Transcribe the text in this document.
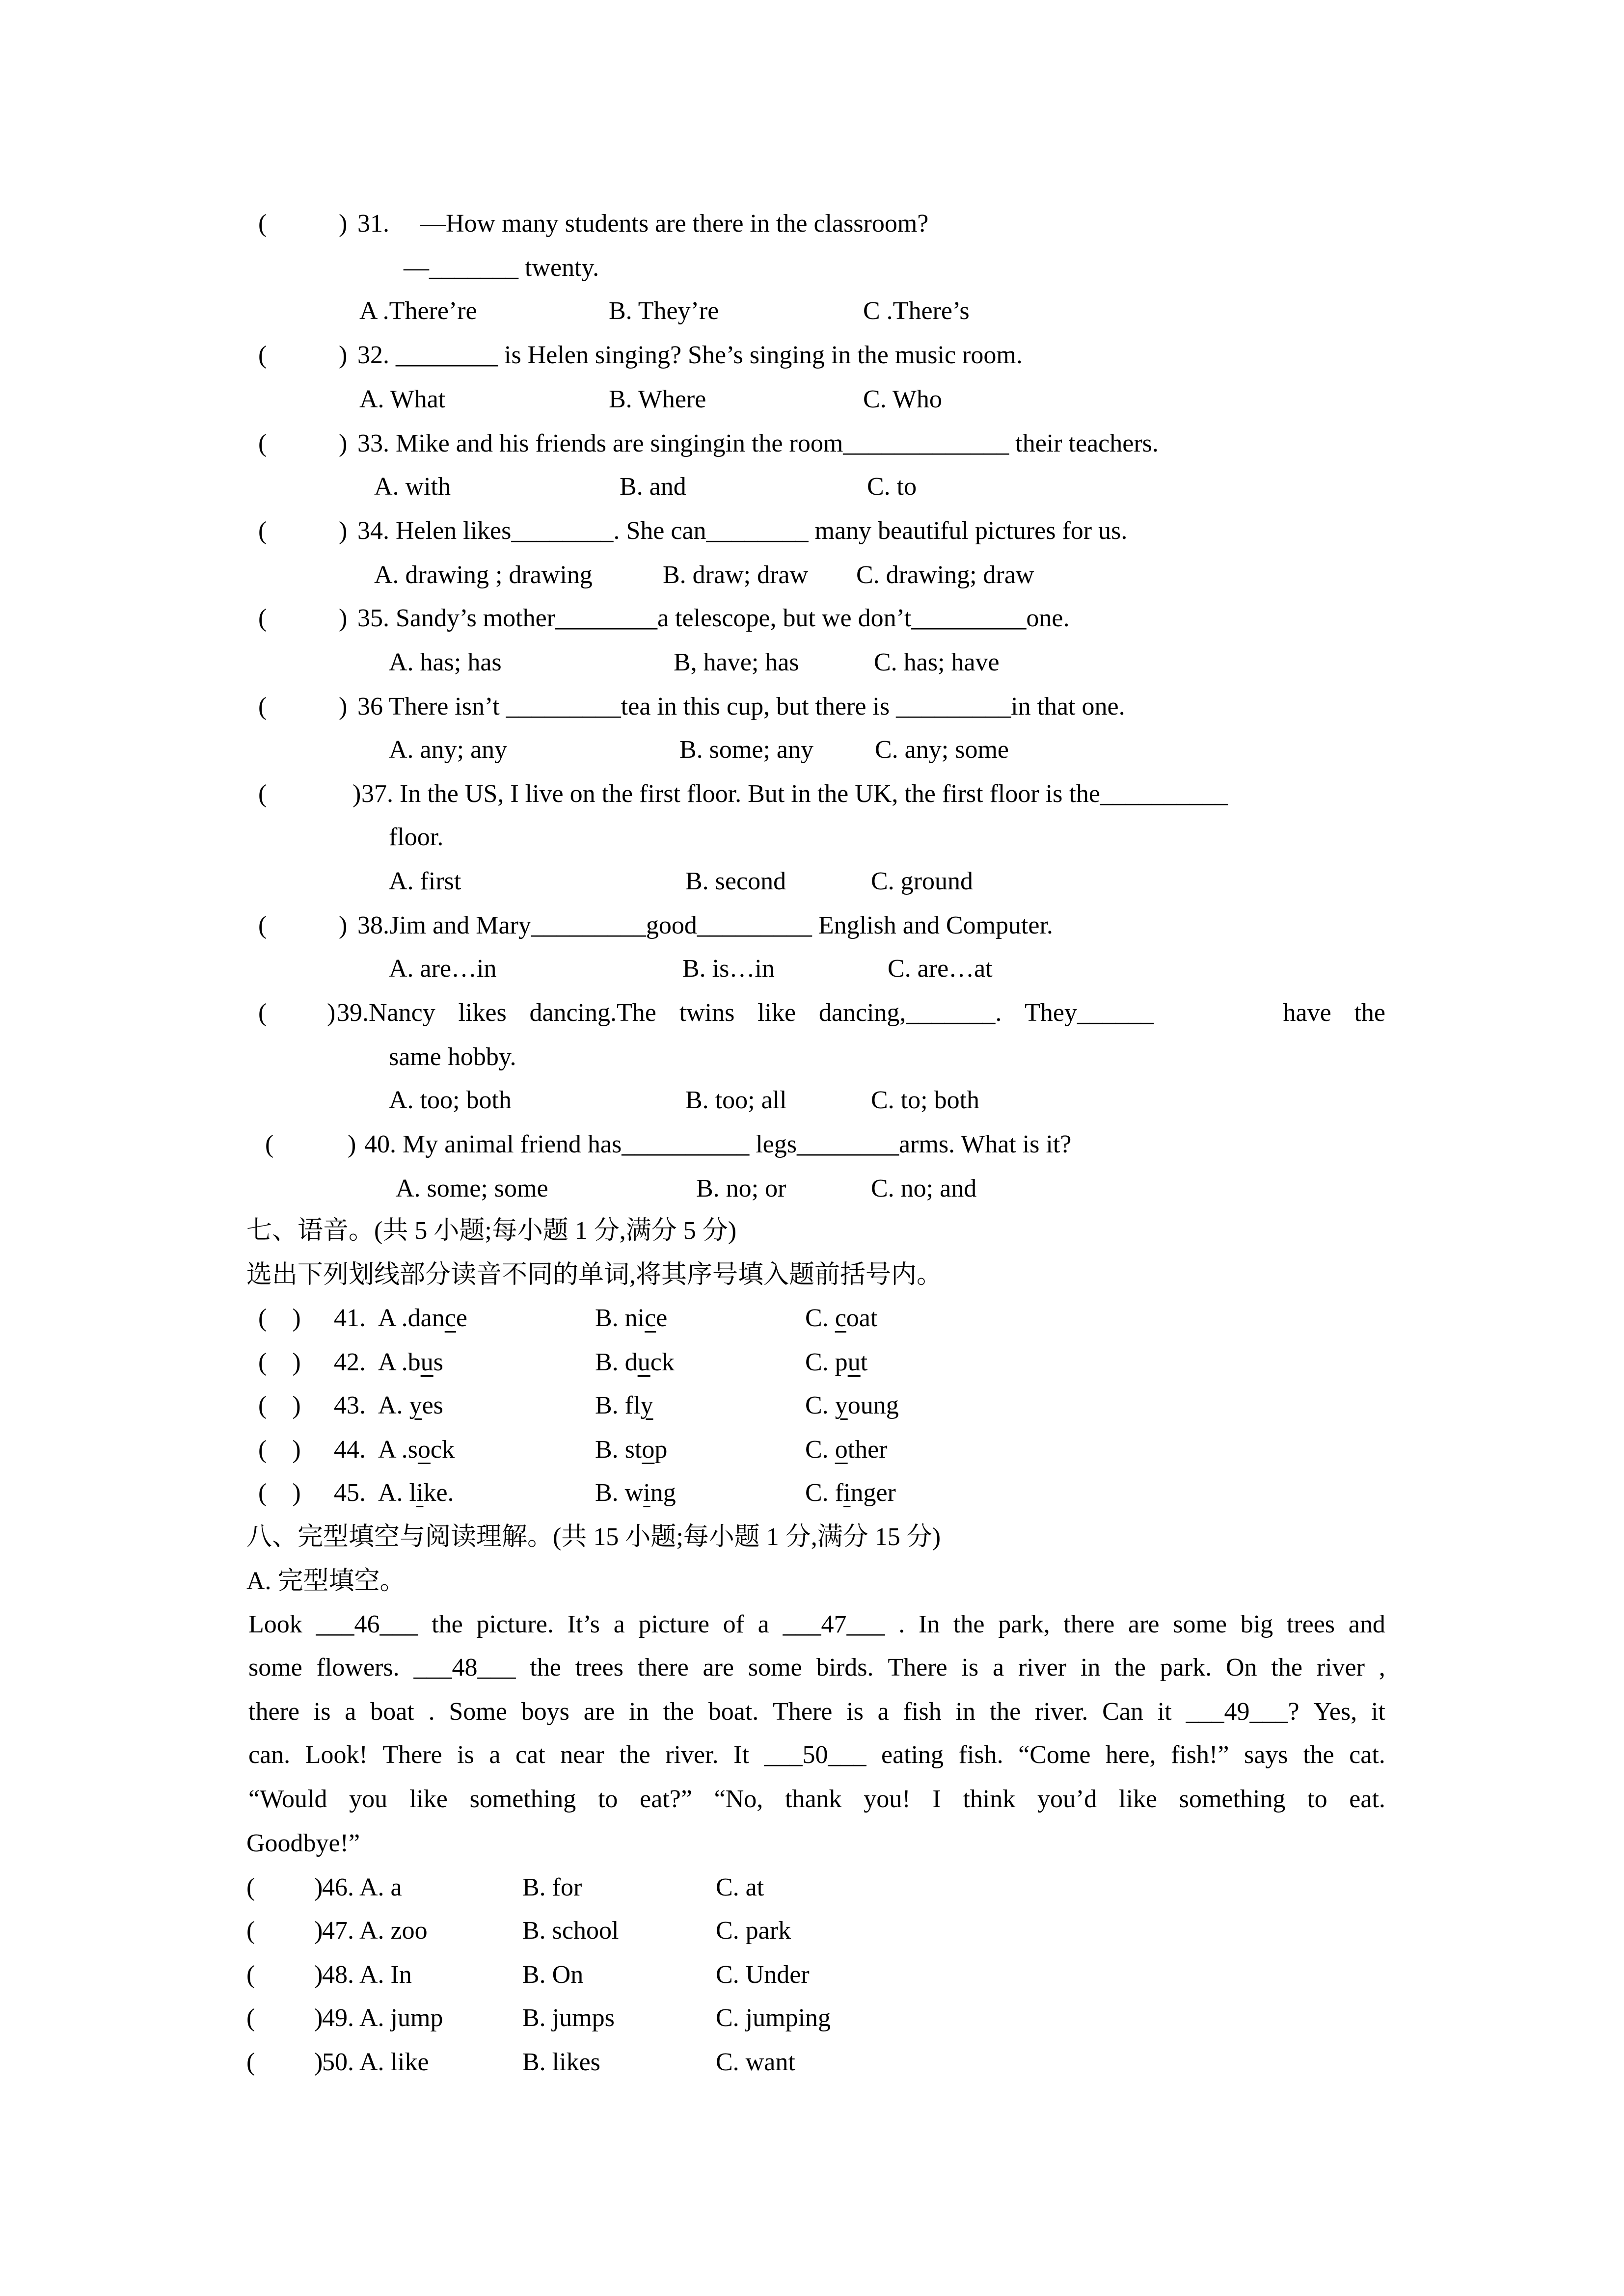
(	) 31. —How many students are there in the classroom?
—_______ twenty.
A .There’re	B. They’re	C .There’s
(	) 32. ________ is Helen singing? She’s singing in the music room.
A. What	B. Where	C. Who
(	) 33. Mike and his friends are singingin the room_____________ their teachers.
A. with	B. and	C. to
(	) 34. Helen likes________. She can________ many beautiful pictures for us.
A. drawing ; drawing	B. draw; draw C. drawing; draw
(	) 35. Sandy’s mother________a telescope, but we don’t_________one.
A. has; has	B, have; has	C. has; have
(	) 36 There isn’t _________tea in this cup, but there is _________in that one.
A. any; any	B. some; any C. any; some
(	) 37. In the US, I live on the first floor. But in the UK, the first floor is the__________
floor.
A. first	B. second	C. ground
(	) 38.Jim and Mary_________good_________ English and Computer.
A. are…in	B. is…in	C. are…at
( ) 39.Nancy likes dancing.The twins like dancing,_______. They______	have the
same hobby.
A. too; both	B. too; all	C. to; both
(	) 40. My animal friend has__________ legs________arms. What is it?
A. some; some	B. no; or	C. no; and
七、语音。(共 5 小题;每小题 1 分,满分 5 分)
选出下列划线部分读音不同的单词,将其序号填入题前括号内。
(    ) 41. A .dance	B. nice	C. coat
(    ) 42. A .bus	B. duck	C. put
(    ) 43. A. yes	B. fly	C. young
(    ) 44. A .sock	B. stop	C. other
(    ) 45. A. like.	B. wing	C. finger
八、完型填空与阅读理解。(共 15 小题;每小题 1 分,满分 15 分)
A. 完型填空。
Look ___46___ the picture. It’s a picture of a ___47___ . In the park, there are some big trees and
some flowers. ___48___ the trees there are some birds. There is a river in the park. On the river ,
there is a boat . Some boys are in the boat. There is a fish in the river. Can it ___49___? Yes, it
can. Look! There is a cat near the river. It ___50___ eating fish. “Come here, fish!” says the cat.
“Would you like something to eat?” “No, thank you! I think you’d like something to eat.
Goodbye!”
( )
46. A. a	B. for	C. at
( )
47. A. zoo	B. school	C. park
( )
48. A. In	B. On	C. Under
( )
49. A. jump	B. jumps	C. jumping
( )
50. A. like	B. likes	C. want
